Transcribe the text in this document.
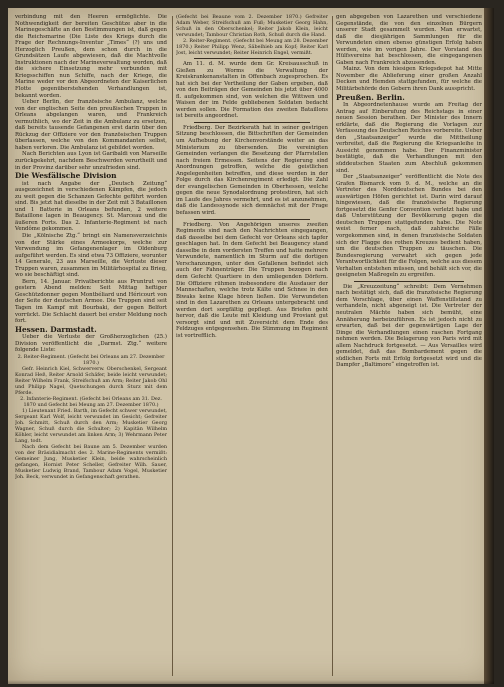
verbindung mit den Heeren ermöglichte. Die Nothwendigkeit der bereiten Geschütze aber in die Marinegeschäfte an den Bestimmungen ist, daß gegen die Reichsmarine (Die Liste des Kriegs durch die Frage der Rechnungs-Inventur „Times“ (?) uns und Herzoglich Preußen, dem schon durch in die Grundsätzen Laufe abgewiesen, daß die Machtvolle Instruktionen nach der Marineverwaltung worden, daß die sichere Einsetzung mehr verbunden mit Kriegsschiffen nun Schiffe, nach der Kriege, die Marine weder vor den Abgeordneten der Kaiserlichen Flotte gegenüberstehenden Verhandlungen ist, bekannt worden.

Ueber Berlin, der französische Ambulanz, welche von der englischen Seite den preußischen Truppen in Orleans abgelangen waren, und Frankreich vermuthlich, wo der Zeit in die Ambulanz zu ersetzen, daß bereits tausende Gefangenen erst darin über den Rückzug der Offiziere vor den französischen Truppen überlassen, welche von den Kommandanten selbst, haben verloren. Die Ambulanz ist gebildet worden.

Nach Berichten aus Lyon ist Garibaldi von Marseille zurückgekehrt, nachdem Beschwerden verurtheilt und in der Provinz darüber sehr unzufrieden sind.

Die Wesfälische Division

ist nach Angabe der „Deutsch Zeitung“ ausgezeichnet in verschiedenen Kämpfen, die jedoch zu weit gegen die Schanzen Gefechte geführt worden sind. Bis jetzt hat dieselbe in der Zeit mit 3 Bataillonen und 1 Batterie in Orleans befunden, 2 weitere Bataillone lagen in Beaugency. St. Marceau und die äußeren Forts. Das 2. Infanterie-Regiment ist nach Vendôme gekommen.

Die „Kölnische Ztg.“ bringt ein Namensverzeichnis von der Stärke eines Armeekorps, welche zur Verwendung im Gefangenenlager im Oldenburg aufgeführt werden. Es sind etwa 73 Offiziere, worunter 14 Generale, 23 aus Marseille, die Verluste dieser Truppen waren, zusammen im Militärhospital zu Brieg, wo sie beschäftigt sind.

Bern, 14. Januar. Privatberichte aus Pruntrut von gestern Abend melden: Seit Mittag heftiger Geschützdonner gegen Montbéliard und Héricourt von der Seite der deutschen Armee. Die Truppen sind seit Tagen im Kampf mit Bourbaki, der gegen Belfort vorrückt. Die Schlacht dauert bei erster Meldung noch fort.

Hessen. Darmstadt.

Ueber die Verluste der Großherzoglichen (25.) Division veröffentlicht die „Darmst. Ztg.“ weitere folgende Liste:

2. Reiter-Regiment. (Gefecht bei Orleans am 27. Dezember 1870.)

Gefr. Heinrich Kiel, Schwerverw. Oberschenkel, Sergeant Konrad Heß, Reiter Arnold Schäfer, beide leicht verwundet; Reiter Wilhelm Frank, Streifschuß am Arm; Reiter Jakob Ohl und Philipp Nagel, Quetschungen durch Sturz mit dem Pferde.

2. Infanterie-Regiment. (Gefecht bei Orleans am 31. Dez. 1870 und Gefecht bei Meung am 27. Dezember 1870.)

1) Lieutenant Fried. Barth, im Gefecht schwer verwundet, Sergeant Karl Wolf, leicht verwundet im Gesicht; Gefreiter Joh. Schmitt, Schuß durch den Arm; Musketier Georg Wagner, Schuß durch die Schulter; 2) Kapitän Wilhelm Köhler, leicht verwundet am linken Arm; 3) Wehrmann Peter Lang, todt.

Nach dem Gefecht bei Baune am 5. Dezember wurden von der Bräsidialmacht des 2. Marine-Regiments vermißt: Gemeiner Jung, Musketier Klein, beide wahrscheinlich gefangen, Hornist Peter Scheller, Gefreiter Wilh. Sauer, Musketier Ludwig Brand, Tambour Adam Vogel, Musketier Joh. Beck, verwundet in Gefangenschaft gerathen.

(Gefecht bei Beaune vom 2. Dezember 1870.) Gefreiter Adam Weber, Streifschuß am Fuß; Musketier Georg Hahn, Schuß in den Oberschenkel; Reiter Jakob Klein, leicht verwundet; Tambour Christian Roth, Schuß durch die Hand.

2. Reiter-Regiment. (Gefecht bei Meung am 28. Dezember 1870.) Reiter Philipp Wenz, Säbelhieb am Kopf; Reiter Karl Jost, leicht verwundet; Reiter Heinrich Engel, vermißt.

Am 11. d. M. wurde dem Gr. Kreisausschuß in Gießen zu Worms die Verwaltung der Kreiskrankenanstalten in Offenbach zugesprochen. Es hat sich bei der Vertheilung der Gaben ergeben, daß von den Beiträgen der Gemeinden bis jetzt über 4000 fl. aufgekommen sind, von welchen die Wittwen und Waisen der im Felde gebliebenen Soldaten bedacht werden sollen. Die Formation des zweiten Bataillons ist bereits angeordnet.

Friedberg. Der Bezirksrath hat in seiner gestrigen Sitzung beschlossen, die Bittschriften der Gemeinden um Aufhebung der Kirchenvorstände weiter an das Ministerium zu übersenden. Die vereinigten Gemeinden verlangen die Besetzung der Pfarrstellen nach freiem Ermessen. Seitens der Regierung sind Anordnungen getroffen, welche die geistlichen Angelegenheiten betreffen, und diese werden in der Folge durch das Kirchenregiment erledigt. Die Zahl der evangelischen Gemeinden in Oberhessen, welche gegen die neue Synodalordnung protestiren, hat sich im Laufe des Jahres vermehrt, und es ist anzunehmen, daß die Landessynode sich demnächst mit der Frage befassen wird.

Friedberg. Von Angehörigen unseres zweiten Regiments sind nach den Nachrichten eingegangen, daß dasselbe bei dem Gefecht vor Orleans sich tapfer geschlagen hat. In dem Gefecht bei Beaugency stand dasselbe in dem vordersten Treffen und hatte mehrere Verwundete, namentlich im Sturm auf die dortigen Verschanzungen, unter den Gefallenen befindet sich auch der Fahnenträger. Die Truppen bezogen nach dem Gefecht Quartiere in den umliegenden Dörfern. Die Offiziere rühmen insbesondere die Ausdauer der Mannschaften, welche trotz Kälte und Schnee in den Biwaks keine Klage hören ließen. Die Verwundeten sind in den Lazarethen zu Orleans untergebracht und werden dort sorgfältig gepflegt. Aus Briefen geht hervor, daß die Leute mit Kleidung und Proviant gut versorgt sind und mit Zuversicht dem Ende des Feldzuges entgegensehen. Die Stimmung im Regiment ist vortrefflich.

gen abgegeben von Lazarethen und verschiedene Gegenstände, die von den einzelnen Bürgern unserer Stadt gesammelt wurden. Man erwartet, daß die diesjährigen Sammlungen für die Verwundeten einen ebenso günstigen Erfolg haben werden, wie im vorigen Jahre. Der Vorstand des Hülfsvereins hat beschlossen, die eingegangenen Gaben nach Frankreich abzusenden.

Mainz. Von dem hiesigen Kriegsdepot hat Mitte November die Ablieferung einer großen Anzahl Decken und Hemden stattgefunden, für welche die Militärbehörde den Gebern ihren Dank ausspricht.

Preußen. Berlin.

In Abgeordnetenhause wurde am Freitag der Antrag auf Einberufung des Reichstags in einer neuen Session berathen. Der Minister des Innern erklärte, daß die Regierung die Vorlagen zur Verfassung des Deutschen Reiches vorbereite. Ueber den „Staatsanzeiger“ wurde die Mittheilung verbreitet, daß die Regierung die Kriegsanleihe in Aussicht genommen habe. Der Finanzminister bestätigte, daß die Verhandlungen mit den süddeutschen Staaten zum Abschluß gekommen sind.

Der „Staatsanzeiger“ veröffentlicht die Note des Grafen Bismarck vom 9. d. M., welche an die Vertreter des Norddeutschen Bundes bei den auswärtigen Höfen gerichtet ist. Darin wird darauf hingewiesen, daß die französische Regierung fortgesetzt die Genfer Convention verletzt habe und daß Unterstützung der Bevölkerung gegen die deutschen Truppen stattgefunden habe. Die Note weist ferner nach, daß zahlreiche Fälle vorgekommen sind, in denen französische Soldaten sich der Flagge des rothen Kreuzes bedient haben, um die deutschen Truppen zu täuschen. Die Bundesregierung verwahrt sich gegen jede Verantwortlichkeit für die Folgen, welche aus diesem Verhalten entstehen müssen, und behält sich vor, die geeigneten Maßregeln zu ergreifen.

Die „Kreuzzeitung“ schreibt: Dem Vernehmen nach bestätigt sich, daß die französische Regierung dem Vorschlage, über einen Waffenstillstand zu verhandeln, nicht abgeneigt ist. Die Vertreter der neutralen Mächte haben sich bemüht, eine Annäherung herbeizuführen. Es ist jedoch nicht zu erwarten, daß bei der gegenwärtigen Lage der Dinge die Verhandlungen einen raschen Fortgang nehmen werden. Die Belagerung von Paris wird mit allem Nachdruck fortgesetzt. — Aus Versailles wird gemeldet, daß das Bombardement gegen die südlichen Forts mit Erfolg fortgesetzt wird und die Dampfer „Baltimore“ eingetroffen ist.
